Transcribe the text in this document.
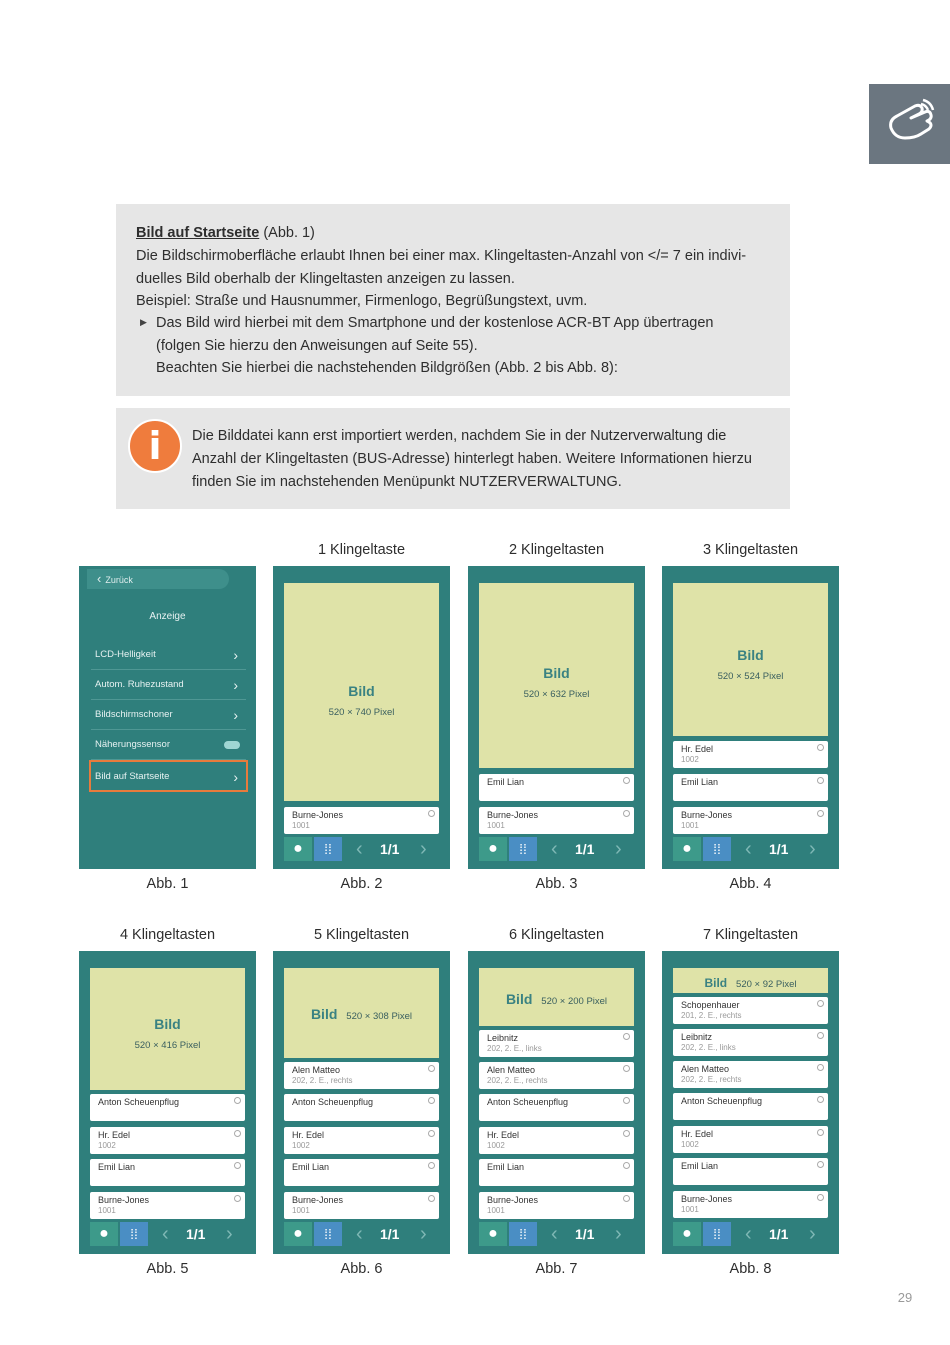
Bild auf Startseite (Abb. 1)

Die Bildschirmoberfläche erlaubt Ihnen bei einer max. Klingeltasten-Anzahl von </= 7 ein indivi-

duelles Bild oberhalb der Klingeltasten anzeigen zu lassen.

Beispiel: Straße und Hausnummer, Firmenlogo, Begrüßungstext, uvm.

▶ Das Bild wird hierbei mit dem Smartphone und der kostenlose ACR-BT App übertragen

(folgen Sie hierzu den Anweisungen auf Seite 55).

Beachten Sie hierbei die nachstehenden Bildgrößen (Abb. 2 bis Abb. 8):

i	Die Bilddatei kann erst importiert werden, nachdem Sie in der Nutzerverwaltung die
Anzahl der Klingeltasten (BUS-Adresse) hinterlegt haben. Weitere Informationen hierzu
finden Sie im nachstehenden Menüpunkt NUTZERVERWALTUNG.
1 Klingeltaste	2 Klingeltasten	3 Klingeltasten
‹ Zurück
Anzeige
LCD-Helligkeit	›
Autom. Ruhezustand	›
Bildschirmschoner	›
Näherungssensor
Bild auf Startseite	›
Bild
520 × 740 Pixel
Burne-Jones
1001
●	⁞⁞	‹ 1/1 ›
Bild
520 × 632 Pixel
Emil Lian
Burne-Jones
1001
●	⁞⁞	‹ 1/1 ›
Bild
520 × 524 Pixel
Hr. Edel
1002
Emil Lian
Burne-Jones
1001
●	⁞⁞	‹ 1/1 ›
Abb. 1	Abb. 2	Abb. 3	Abb. 4
4 Klingeltasten	5 Klingeltasten	6 Klingeltasten	7 Klingeltasten
Bild
520 × 416 Pixel
Anton Scheuenpflug
Hr. Edel
1002
Emil Lian
Burne-Jones
1001
●	⁞⁞	‹ 1/1 ›
Bild 520 × 308 Pixel
Alen Matteo
202, 2. E., rechts
Anton Scheuenpflug
Hr. Edel
1002
Emil Lian
Burne-Jones
1001
●	⁞⁞	‹ 1/1 ›
Bild 520 × 200 Pixel
Leibnitz
202, 2. E., links
Alen Matteo
202, 2. E., rechts
Anton Scheuenpflug
Hr. Edel
1002
Emil Lian
Burne-Jones
1001
●	⁞⁞	‹ 1/1 ›
Bild 520 × 92 Pixel
Schopenhauer
201, 2. E., rechts
Leibnitz
202, 2. E., links
Alen Matteo
202, 2. E., rechts
Anton Scheuenpflug
Hr. Edel
1002
Emil Lian
Burne-Jones
1001
●	⁞⁞	‹ 1/1 ›
Abb. 5	Abb. 6	Abb. 7	Abb. 8
29
